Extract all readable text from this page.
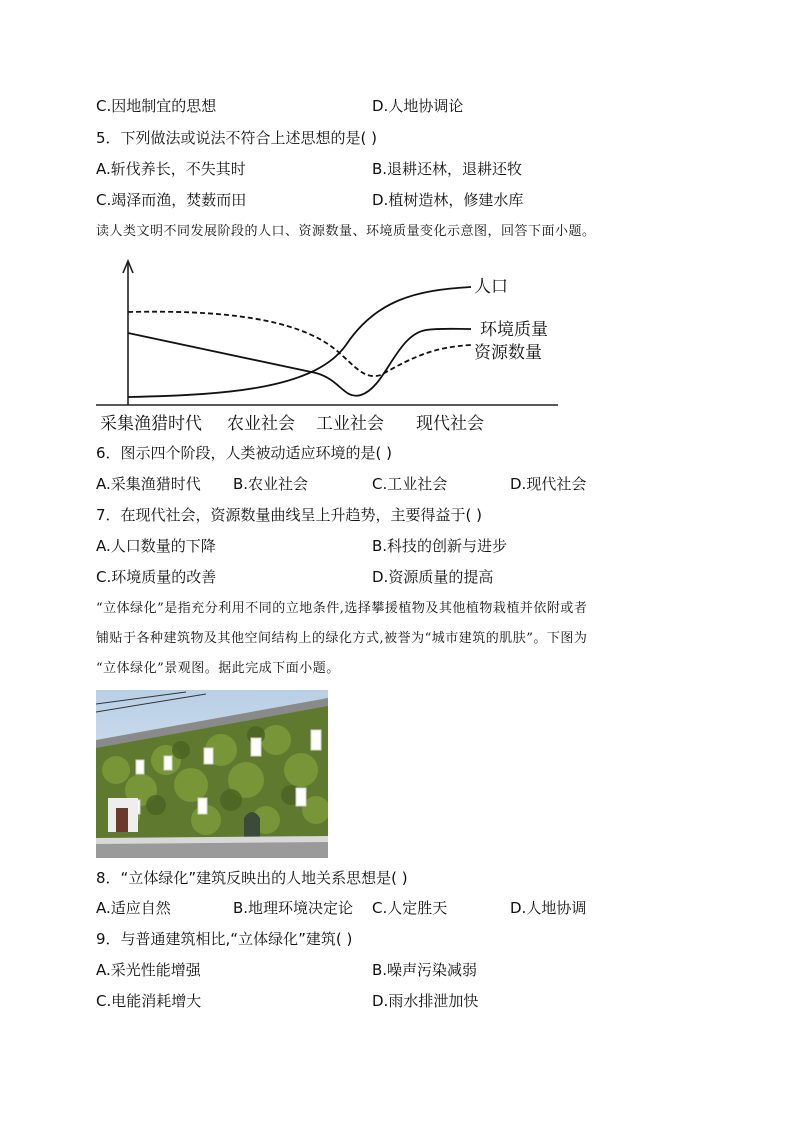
C.因地制宜的思想	D.人地协调论
5．下列做法或说法不符合上述思想的是( )
A.斩伐养长，不失其时	B.退耕还林，退耕还牧
C.竭泽而渔，焚薮而田	D.植树造林，修建水库
读人类文明不同发展阶段的人口、资源数量、环境质量变化示意图，回答下面小题。
人口
环境质量
资源数量
采集渔猎时代 农业社会 工业社会 现代社会
6．图示四个阶段，人类被动适应环境的是( )
A.采集渔猎时代 B.农业社会	C.工业社会	D.现代社会
7．在现代社会，资源数量曲线呈上升趋势，主要得益于( )
A.人口数量的下降	B.科技的创新与进步
C.环境质量的改善	D.资源质量的提高
“立体绿化”是指充分利用不同的立地条件,选择攀援植物及其他植物栽植并依附或者
铺贴于各种建筑物及其他空间结构上的绿化方式,被誉为“城市建筑的肌肤”。下图为
“立体绿化”景观图。据此完成下面小题。
8．“立体绿化”建筑反映出的人地关系思想是( )
A.适应自然	B.地理环境决定论 C.人定胜天	D.人地协调
9．与普通建筑相比,“立体绿化”建筑( )
A.采光性能增强	B.噪声污染减弱
C.电能消耗增大	D.雨水排泄加快
